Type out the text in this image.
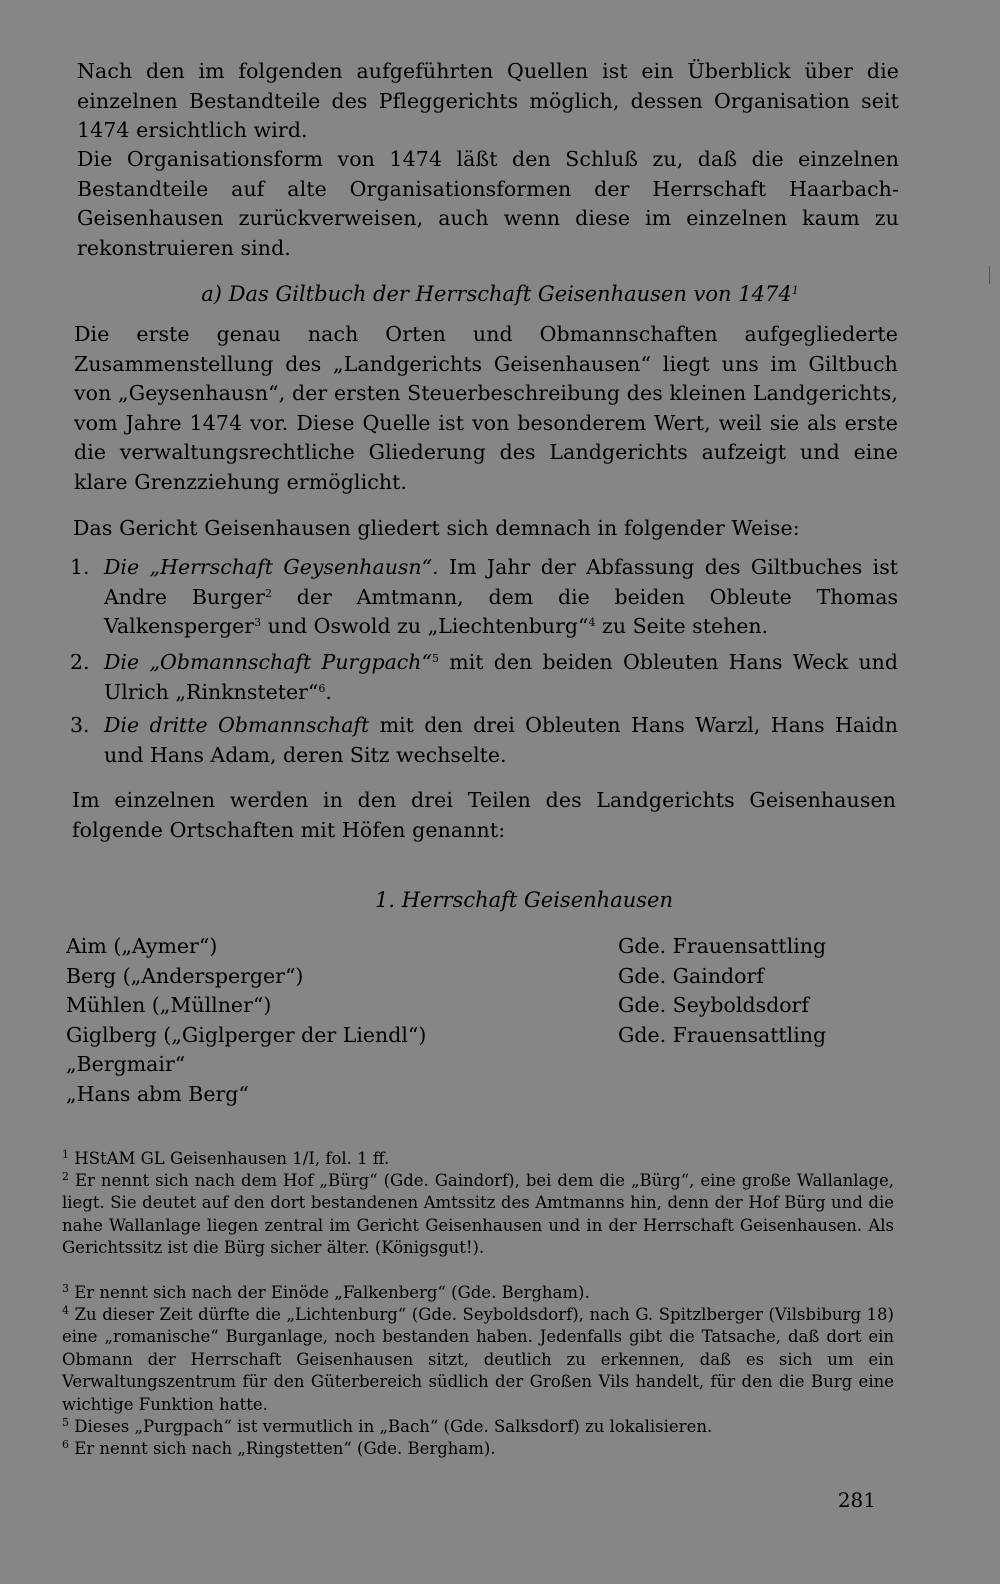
Nach den im folgenden aufgeführten Quellen ist ein Überblick über die einzelnen Bestandteile des Pfleggerichts möglich, dessen Organisation seit 1474 ersichtlich wird.

Die Organisationsform von 1474 läßt den Schluß zu, daß die einzelnen Bestandteile auf alte Organisationsformen der Herrschaft Haarbach-Geisenhausen zurückverweisen, auch wenn diese im einzelnen kaum zu rekonstruieren sind.

a) Das Giltbuch der Herrschaft Geisenhausen von 1474$^1$

Die erste genau nach Orten und Obmannschaften aufgegliederte Zusammenstellung des „Landgerichts Geisenhausen“ liegt uns im Giltbuch von „Geysenhausn“, der ersten Steuerbeschreibung des kleinen Landgerichts, vom Jahre 1474 vor. Diese Quelle ist von besonderem Wert, weil sie als erste die verwaltungsrechtliche Gliederung des Landgerichts aufzeigt und eine klare Grenzziehung ermöglicht.

Das Gericht Geisenhausen gliedert sich demnach in folgender Weise:

1. Die „Herrschaft Geysenhausn“. Im Jahr der Abfassung des Giltbuches ist Andre Burger$^2$ der Amtmann, dem die beiden Obleute Thomas Valkensperger$^3$ und Oswold zu „Liechtenburg“$^4$ zu Seite stehen.
2. Die „Obmannschaft Purgpach“$^5$ mit den beiden Obleuten Hans Weck und Ulrich „Rinknsteter“$^6$.
3. Die dritte Obmannschaft mit den drei Obleuten Hans Warzl, Hans Haidn und Hans Adam, deren Sitz wechselte.

Im einzelnen werden in den drei Teilen des Landgerichts Geisenhausen folgende Ortschaften mit Höfen genannt:

1. Herrschaft Geisenhausen
Aim („Aymer“)
Berg („Andersperger“)
Mühlen („Müllner“)
Giglberg („Giglperger der Liendl“)
„Bergmair“
„Hans abm Berg“
Gde. Frauensattling
Gde. Gaindorf
Gde. Seyboldsdorf
Gde. Frauensattling
$^1$ HStAM GL Geisenhausen 1/I, fol. 1 ff.
$^2$ Er nennt sich nach dem Hof „Bürg“ (Gde. Gaindorf), bei dem die „Bürg“, eine große Wallanlage, liegt. Sie deutet auf den dort bestandenen Amtssitz des Amtmanns hin, denn der Hof Bürg und die nahe Wallanlage liegen zentral im Gericht Geisenhausen und in der Herrschaft Geisenhausen. Als Gerichtssitz ist die Bürg sicher älter. (Königsgut!).
$^3$ Er nennt sich nach der Einöde „Falkenberg“ (Gde. Bergham).
$^4$ Zu dieser Zeit dürfte die „Lichtenburg“ (Gde. Seyboldsdorf), nach G. Spitzlberger (Vilsbiburg 18) eine „romanische“ Burganlage, noch bestanden haben. Jedenfalls gibt die Tatsache, daß dort ein Obmann der Herrschaft Geisenhausen sitzt, deutlich zu erkennen, daß es sich um ein Verwaltungszentrum für den Güterbereich südlich der Großen Vils handelt, für den die Burg eine wichtige Funktion hatte.
$^5$ Dieses „Purgpach“ ist vermutlich in „Bach“ (Gde. Salksdorf) zu lokalisieren.
$^6$ Er nennt sich nach „Ringstetten“ (Gde. Bergham).
281
